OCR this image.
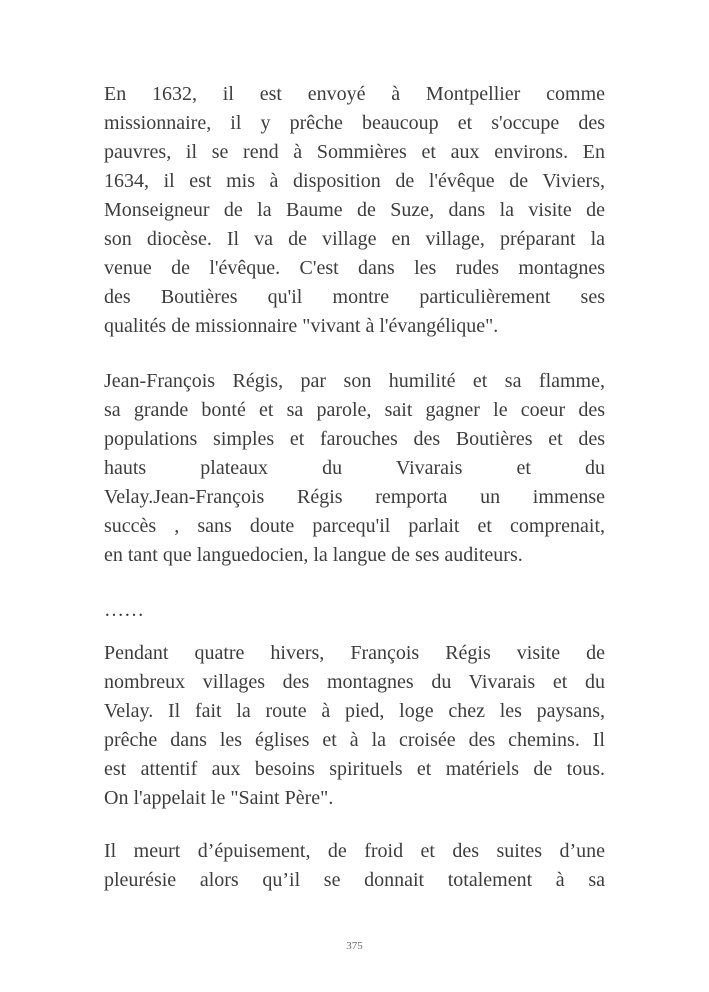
En 1632, il est envoyé à Montpellier comme
missionnaire, il y prêche beaucoup et s'occupe des
pauvres, il se rend à Sommières et aux environs. En
1634, il est mis à disposition de l'évêque de Viviers,
Monseigneur de la Baume de Suze, dans la visite de
son diocèse. Il va de village en village, préparant la
venue de l'évêque. C'est dans les rudes montagnes
des Boutières qu'il montre particulièrement ses
qualités de missionnaire "vivant à l'évangélique".
Jean-François Régis, par son humilité et sa flamme,
sa grande bonté et sa parole, sait gagner le coeur des
populations simples et farouches des Boutières et des
hauts plateaux du Vivarais et du
Velay.Jean-François Régis remporta un immense
succès , sans doute parcequ'il parlait et comprenait,
en tant que languedocien, la langue de ses auditeurs.
……
Pendant quatre hivers, François Régis visite de
nombreux villages des montagnes du Vivarais et du
Velay. Il fait la route à pied, loge chez les paysans,
prêche dans les églises et à la croisée des chemins. Il
est attentif aux besoins spirituels et matériels de tous.
On l'appelait le "Saint Père".
Il meurt d’épuisement, de froid et des suites d’une
pleurésie alors qu’il se donnait totalement à sa
375
